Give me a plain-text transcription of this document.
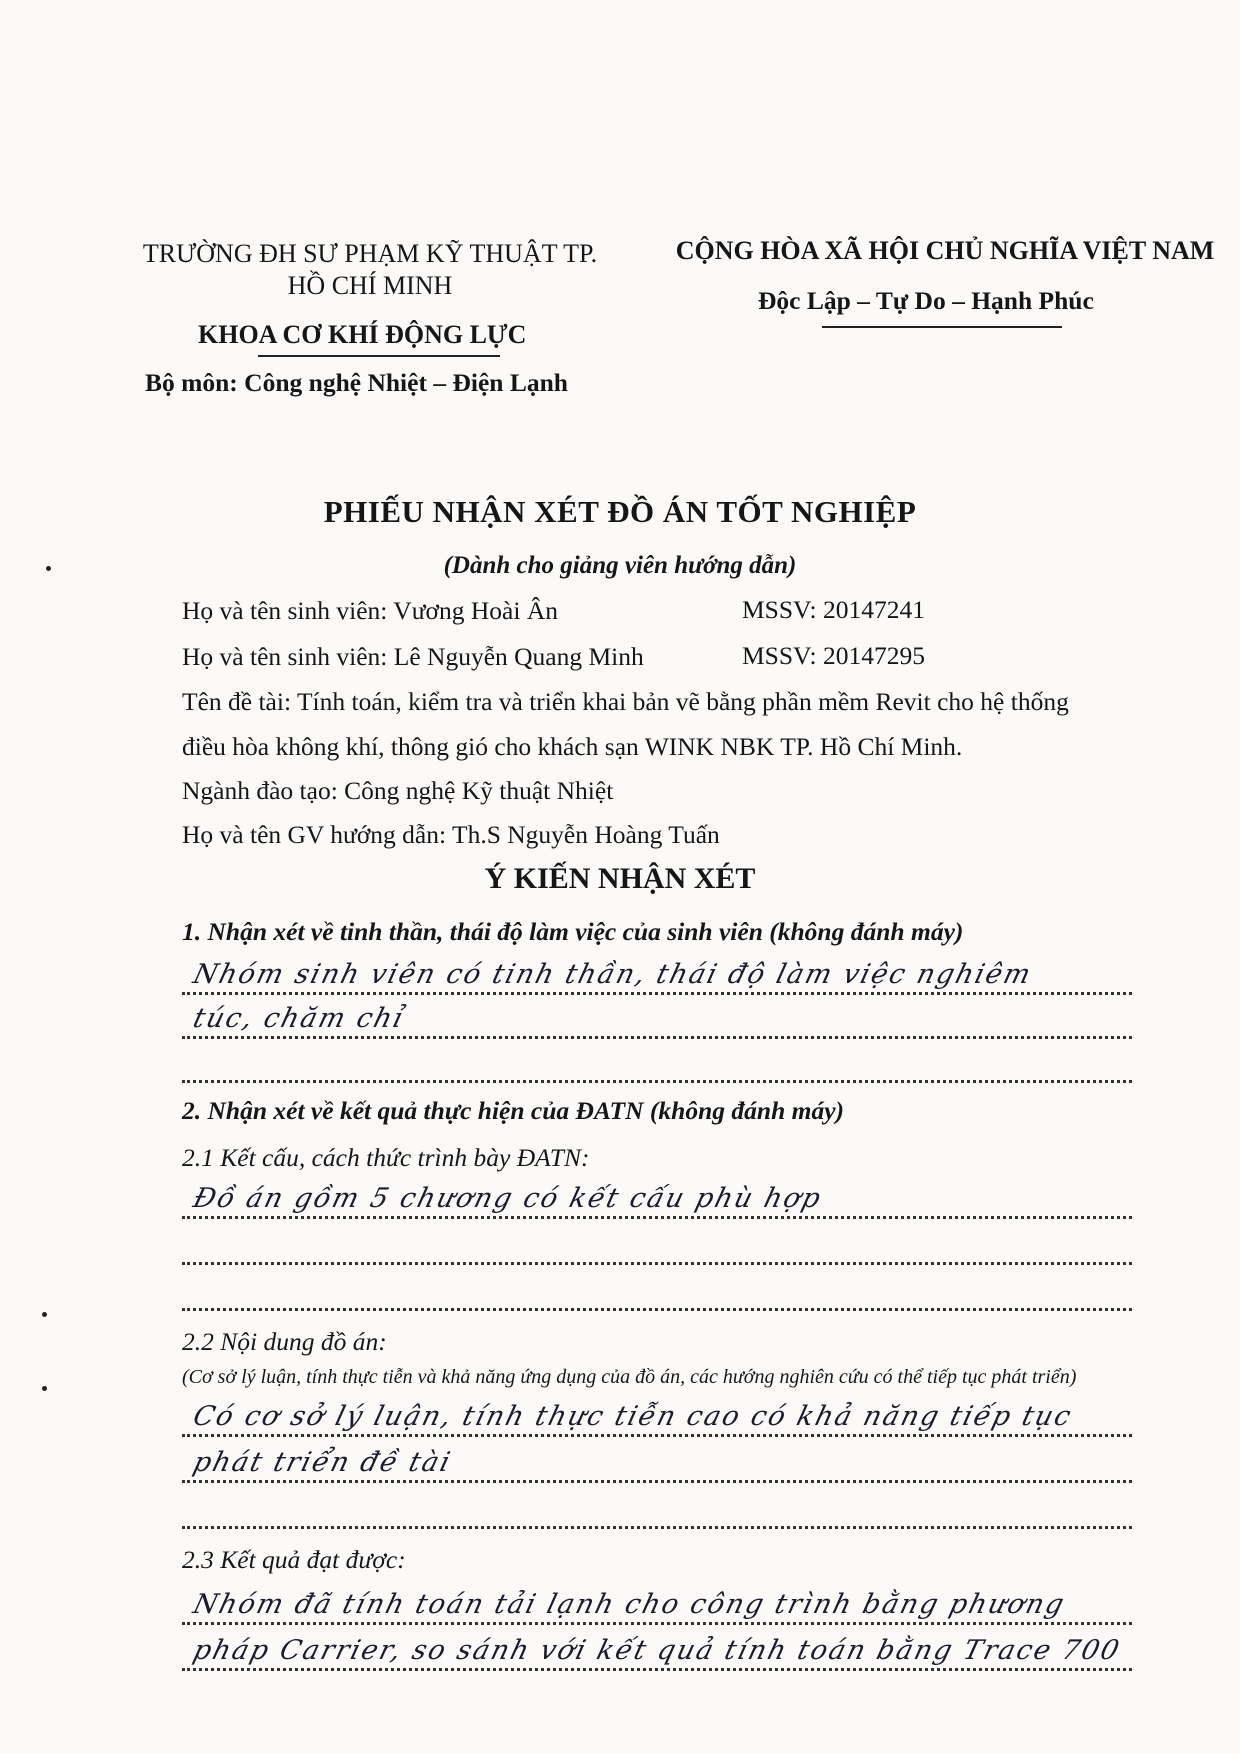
TRƯỜNG ĐH SƯ PHẠM KỸ THUẬT TP.
HỒ CHÍ MINH
KHOA CƠ KHÍ ĐỘNG LỰC
Bộ môn: Công nghệ Nhiệt – Điện Lạnh
CỘNG HÒA XÃ HỘI CHỦ NGHĨA VIỆT NAM
Độc Lập – Tự Do – Hạnh Phúc
PHIẾU NHẬN XÉT ĐỒ ÁN TỐT NGHIỆP
(Dành cho giảng viên hướng dẫn)
Họ và tên sinh viên: Vương Hoài Ân	MSSV: 20147241
Họ và tên sinh viên: Lê Nguyễn Quang Minh	MSSV: 20147295
Tên đề tài: Tính toán, kiểm tra và triển khai bản vẽ bằng phần mềm Revit cho hệ thống
điều hòa không khí, thông gió cho khách sạn WINK NBK TP. Hồ Chí Minh.
Ngành đào tạo: Công nghệ Kỹ thuật Nhiệt
Họ và tên GV hướng dẫn: Th.S Nguyễn Hoàng Tuấn
Ý KIẾN NHẬN XÉT
1. Nhận xét về tinh thần, thái độ làm việc của sinh viên (không đánh máy)
Nhóm sinh viên có tinh thần, thái độ làm việc nghiêm
túc, chăm chỉ
2. Nhận xét về kết quả thực hiện của ĐATN (không đánh máy)
2.1 Kết cấu, cách thức trình bày ĐATN:
Đồ án gồm 5 chương có kết cấu phù hợp
2.2 Nội dung đồ án:
(Cơ sở lý luận, tính thực tiễn và khả năng ứng dụng của đồ án, các hướng nghiên cứu có thể tiếp tục phát triển)
Có cơ sở lý luận, tính thực tiễn cao có khả năng tiếp tục
phát triển đề tài
2.3 Kết quả đạt được:
Nhóm đã tính toán tải lạnh cho công trình bằng phương
pháp Carrier, so sánh với kết quả tính toán bằng Trace 700
